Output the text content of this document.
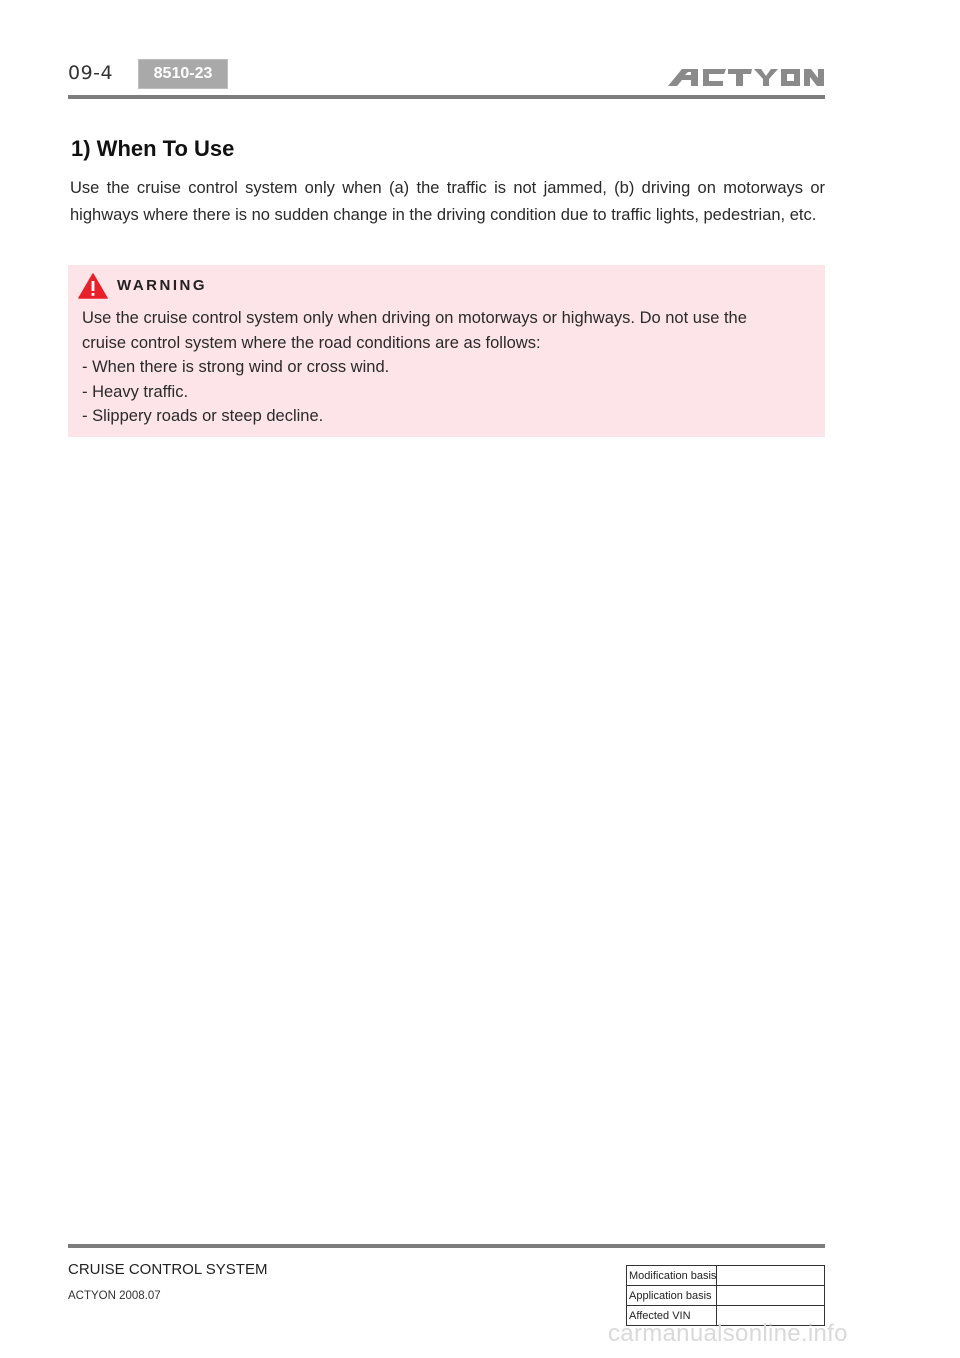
09-4	8510-23
1) When To Use
Use the cruise control system only when (a) the traffic is not jammed, (b) driving on motorways or highways where there is no sudden change in the driving condition due to traffic lights, pedestrian, etc.
WARNING
Use the cruise control system only when driving on motorways or highways. Do not use the
cruise control system where the road conditions are as follows:
- When there is strong wind or cross wind.
- Heavy traffic.
- Slippery roads or steep decline.
CRUISE CONTROL SYSTEM
ACTYON 2008.07
Modification basis	
Application basis	
Affected VIN	
carmanualsonline.info
